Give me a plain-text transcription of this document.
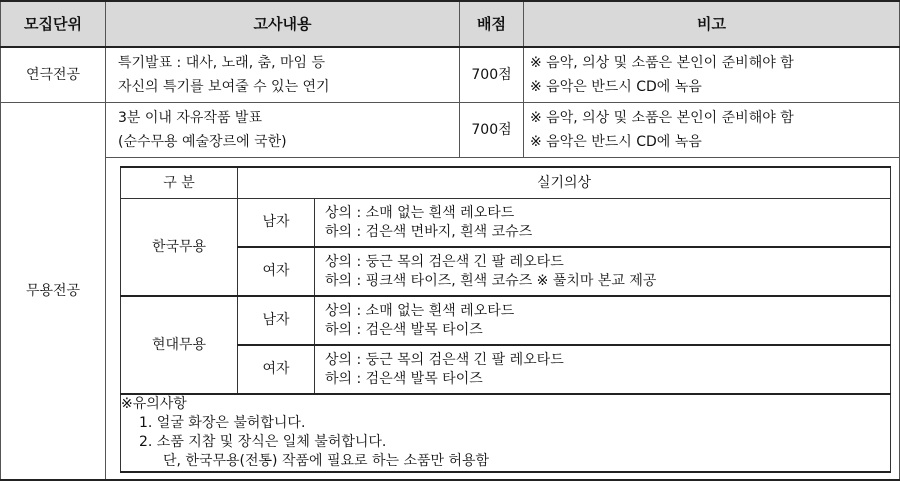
모집단위	고사내용	배점	비고
연극전공	
특기발표 : 대사, 노래, 춤, 마임 등
자신의 특기를 보여줄 수 있는 연기
	700점	
※ 음악, 의상 및 소품은 본인이 준비해야 함
※ 음악은 반드시 CD에 녹음

무용전공	
3분 이내 자유작품 발표
(순수무용 예술장르에 국한)
	700점	
※ 음악, 의상 및 소품은 본인이 준비해야 함
※ 음악은 반드시 CD에 녹음

구 분	실기의상
한국무용	남자	
상의 : 소매 없는 흰색 레오타드
하의 : 검은색 면바지, 흰색 코슈즈

여자	
상의 : 둥근 목의 검은색 긴 팔 레오타드
하의 : 핑크색 타이즈, 흰색 코슈즈 ※ 풀치마 본교 제공

현대무용	남자	
상의 : 소매 없는 흰색 레오타드
하의 : 검은색 발목 타이즈

여자	
상의 : 둥근 목의 검은색 긴 팔 레오타드
하의 : 검은색 발목 타이즈

※유의사항
1. 얼굴 화장은 불허합니다.
2. 소품 지참 및 장식은 일체 불허합니다.
단, 한국무용(전통) 작품에 필요로 하는 소품만 허용함
